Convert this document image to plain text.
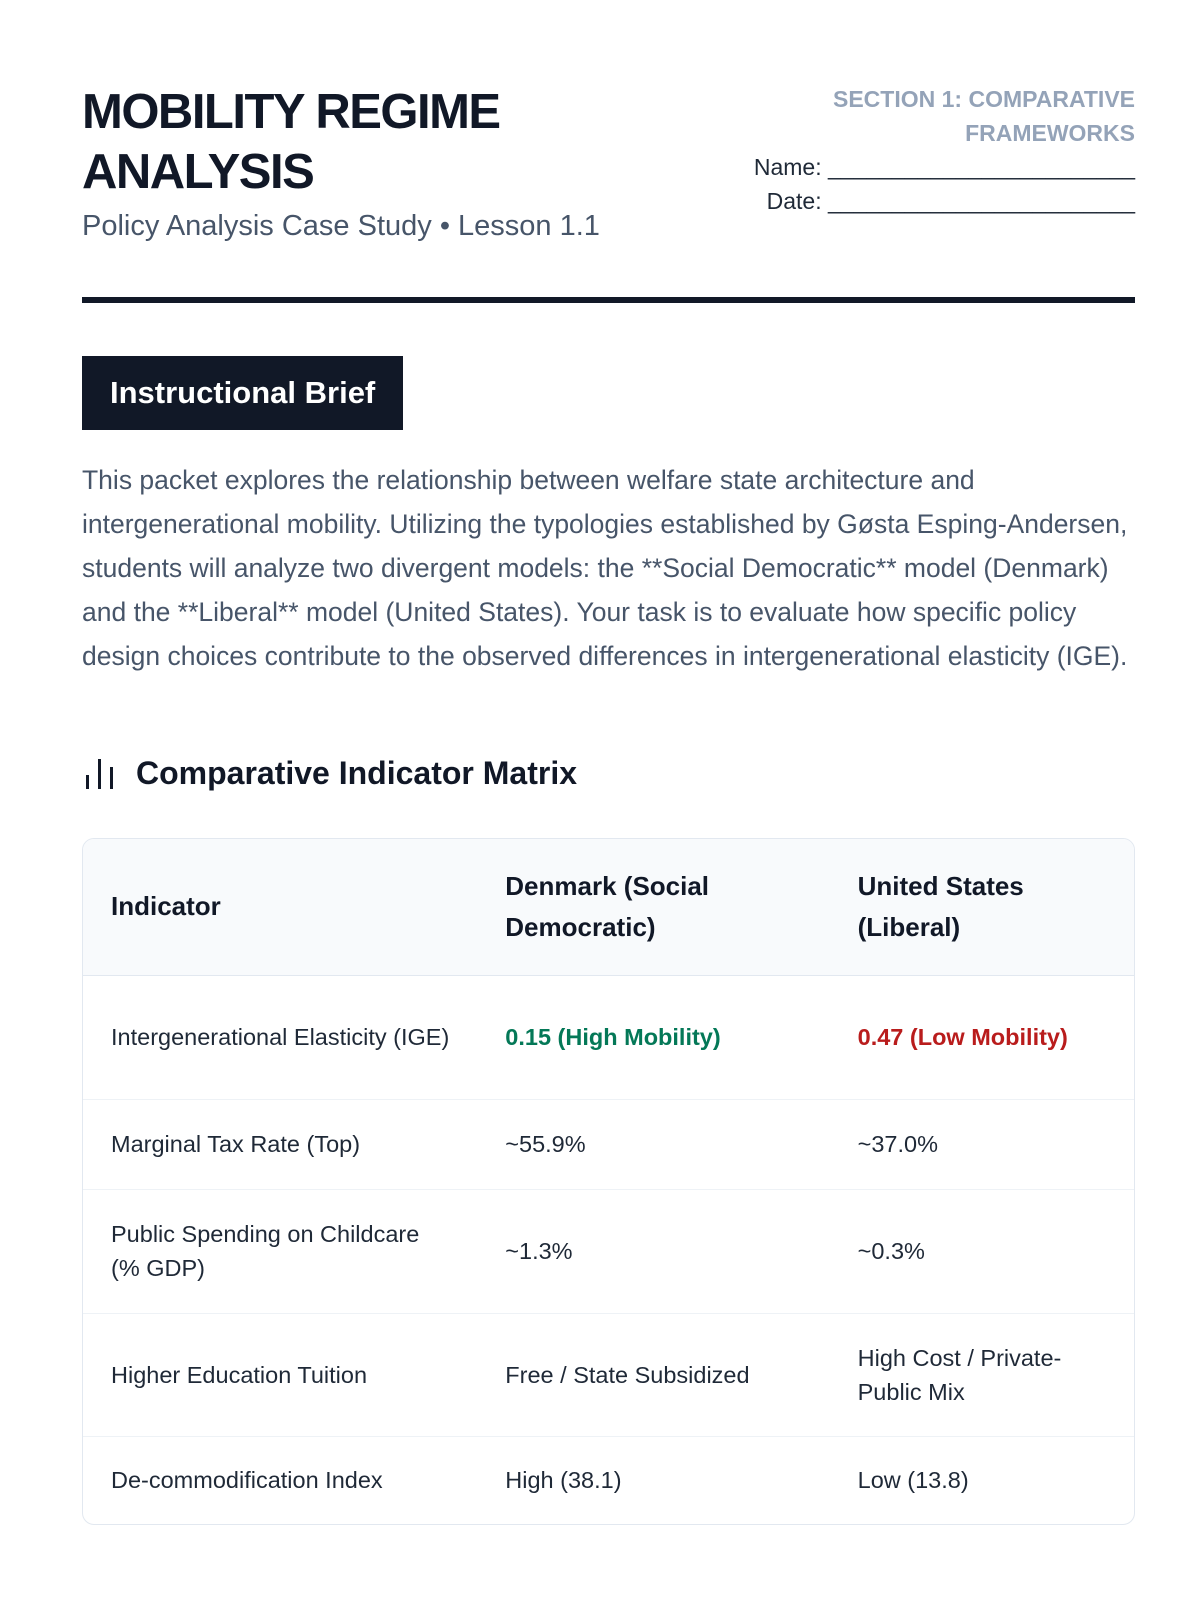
MOBILITY REGIME ANALYSIS
Policy Analysis Case Study • Lesson 1.1
SECTION 1: COMPARATIVE FRAMEWORKS
Name: ________________________
Date: ________________________
Instructional Brief

This packet explores the relationship between welfare state architecture and intergenerational mobility. Utilizing the typologies established by Gøsta Esping-Andersen, students will analyze two divergent models: the **Social Democratic** model (Denmark) and the **Liberal** model (United States). Your task is to evaluate how specific policy design choices contribute to the observed differences in intergenerational elasticity (IGE).

Comparative Indicator Matrix
Indicator	Denmark (Social Democratic)	United States (Liberal)
Intergenerational Elasticity (IGE)	0.15 (High Mobility)	0.47 (Low Mobility)
Marginal Tax Rate (Top)	~55.9%	~37.0%
Public Spending on Childcare (% GDP)	~1.3%	~0.3%
Higher Education Tuition	Free / State Subsidized	High Cost / Private-Public Mix
De-commodification Index	High (38.1)	Low (13.8)
